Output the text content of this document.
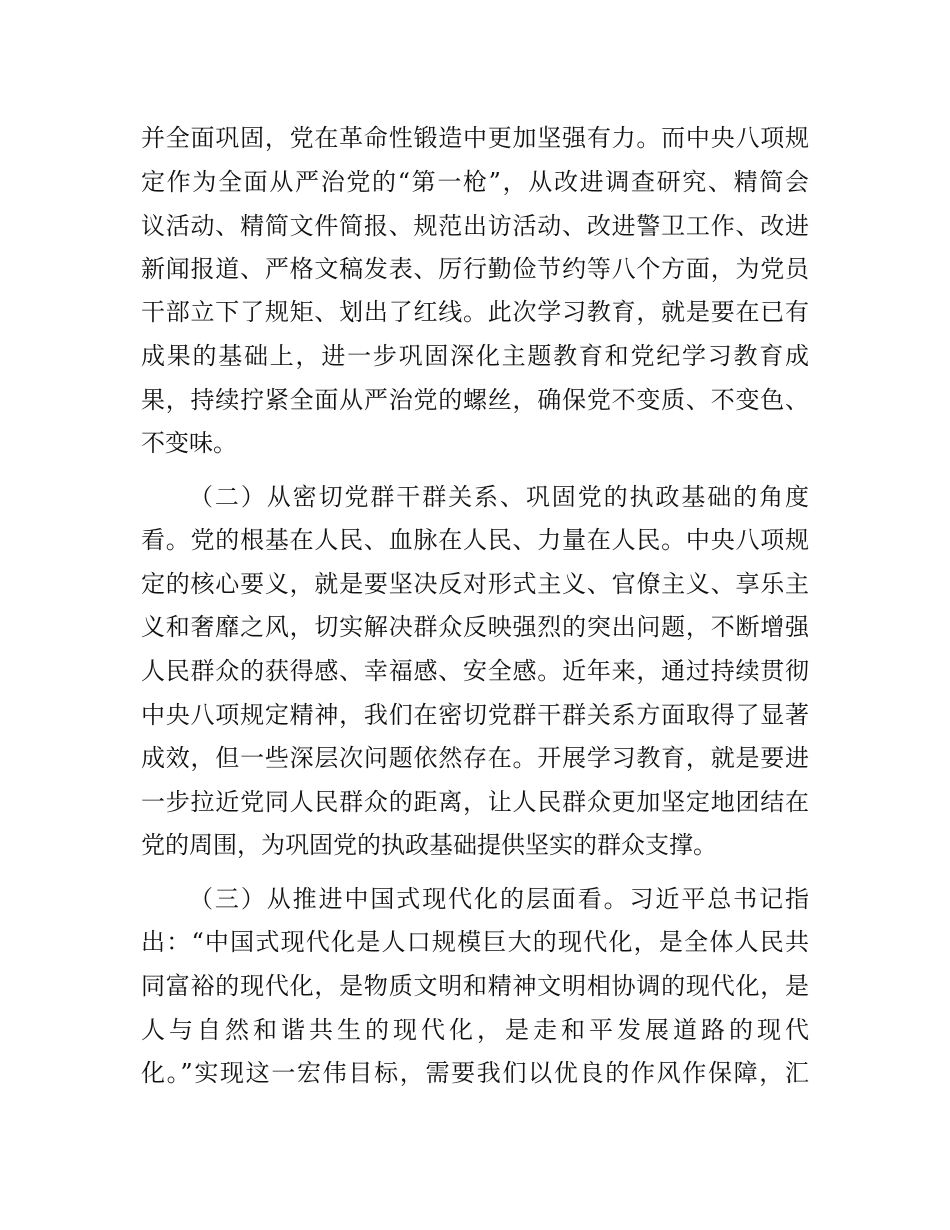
并全面巩固，党在革命性锻造中更加坚强有力。而中央八项规
定作为全面从严治党的“第一枪”，从改进调查研究、精简会
议活动、精简文件简报、规范出访活动、改进警卫工作、改进
新闻报道、严格文稿发表、厉行勤俭节约等八个方面，为党员
干部立下了规矩、划出了红线。此次学习教育，就是要在已有
成果的基础上，进一步巩固深化主题教育和党纪学习教育成
果，持续拧紧全面从严治党的螺丝，确保党不变质、不变色、
不变味。
（二）从密切党群干群关系、巩固党的执政基础的角度
看。党的根基在人民、血脉在人民、力量在人民。中央八项规
定的核心要义，就是要坚决反对形式主义、官僚主义、享乐主
义和奢靡之风，切实解决群众反映强烈的突出问题，不断增强
人民群众的获得感、幸福感、安全感。近年来，通过持续贯彻
中央八项规定精神，我们在密切党群干群关系方面取得了显著
成效，但一些深层次问题依然存在。开展学习教育，就是要进
一步拉近党同人民群众的距离，让人民群众更加坚定地团结在
党的周围，为巩固党的执政基础提供坚实的群众支撑。
（三）从推进中国式现代化的层面看。习近平总书记指
出：“中国式现代化是人口规模巨大的现代化，是全体人民共
同富裕的现代化，是物质文明和精神文明相协调的现代化，是
人与自然和谐共生的现代化，是走和平发展道路的现代
化。”实现这一宏伟目标，需要我们以优良的作风作保障，汇
